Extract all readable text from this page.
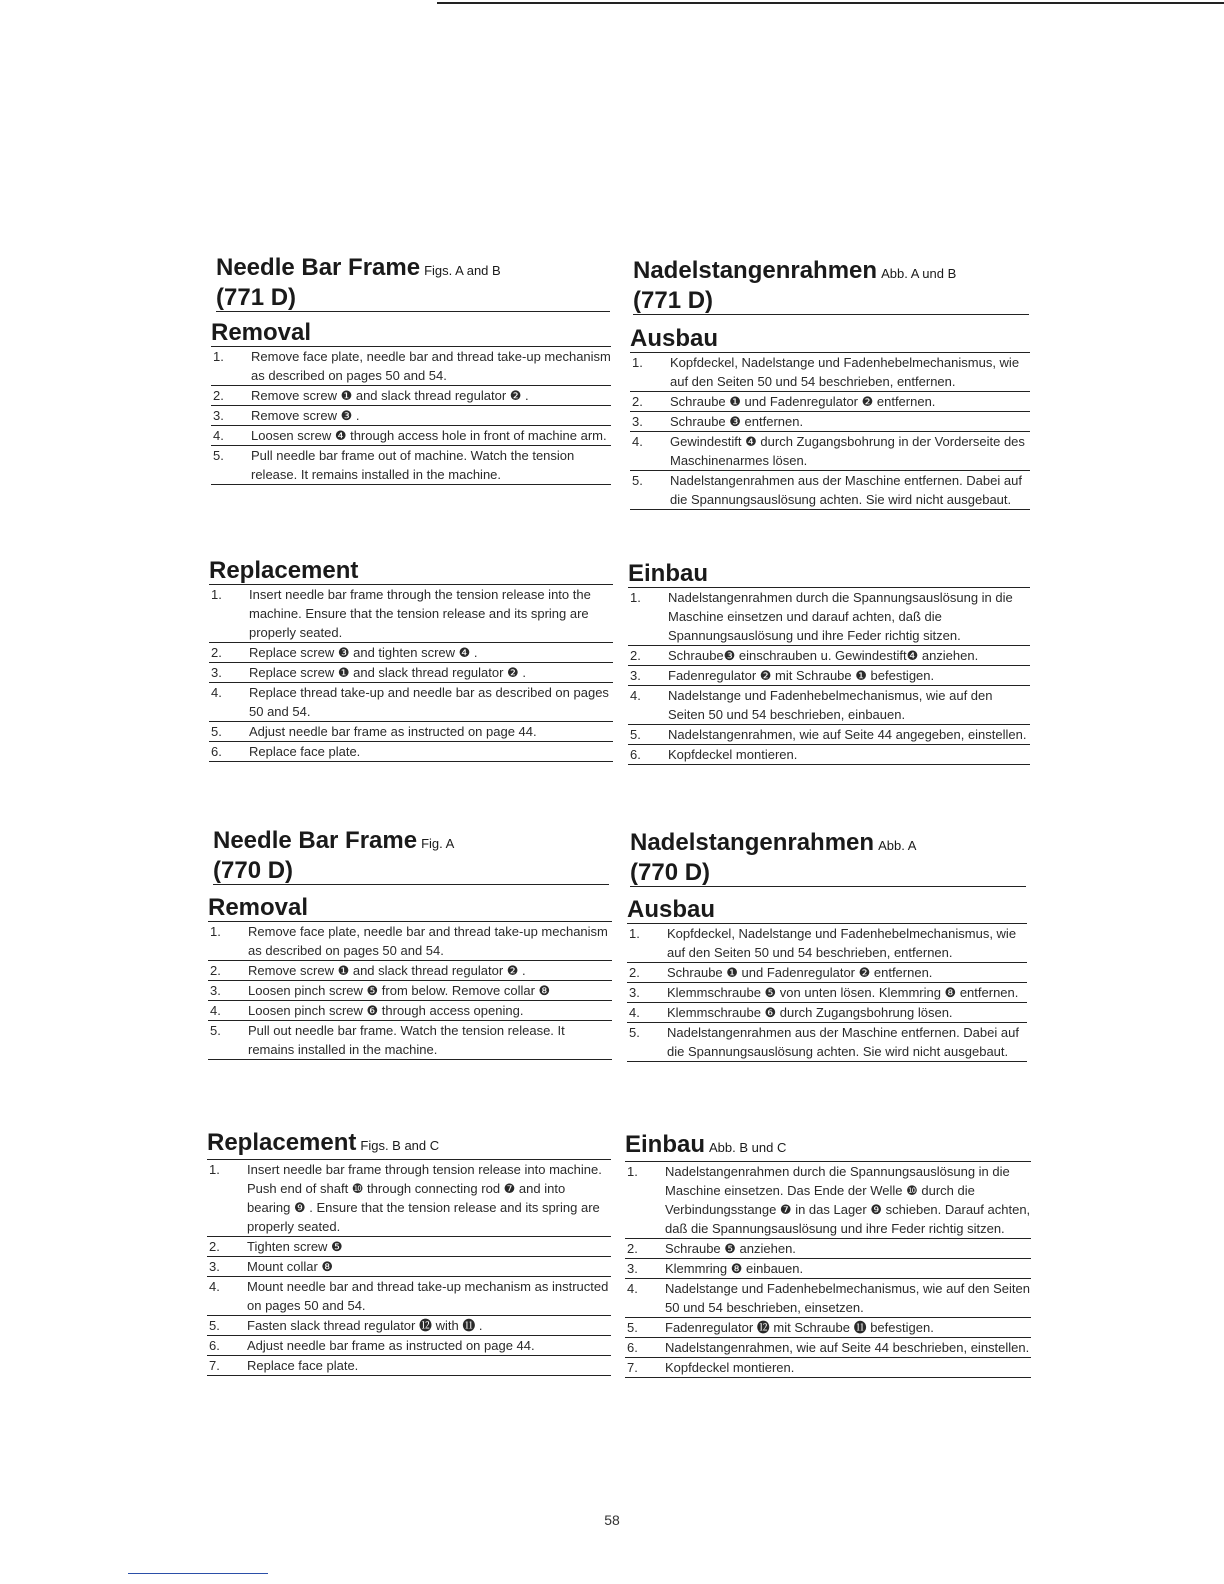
Needle Bar Frame Figs. A and B
(771 D)
Removal
1. Remove face plate, needle bar and thread take-up mechanism as described on pages 50 and 54.
2. Remove screw ❶ and slack thread regulator ❷ .
3. Remove screw ❸ .
4. Loosen screw ❹ through access hole in front of machine arm.
5. Pull needle bar frame out of machine. Watch the tension release. It remains installed in the machine.
Replacement
1. Insert needle bar frame through the tension release into the machine. Ensure that the tension release and its spring are properly seated.
2. Replace screw ❸ and tighten screw ❹ .
3. Replace screw ❶ and slack thread regulator ❷ .
4. Replace thread take-up and needle bar as described on pages 50 and 54.
5. Adjust needle bar frame as instructed on page 44.
6. Replace face plate.
Nadelstangenrahmen Abb. A und B
(771 D)
Ausbau
1. Kopfdeckel, Nadelstange und Fadenhebelmechanismus, wie auf den Seiten 50 und 54 beschrieben, entfernen.
2. Schraube ❶ und Fadenregulator ❷ entfernen.
3. Schraube ❸ entfernen.
4. Gewindestift ❹ durch Zugangsbohrung in der Vorderseite des Maschinenarmes lösen.
5. Nadelstangenrahmen aus der Maschine entfernen. Dabei auf die Spannungsauslösung achten. Sie wird nicht ausgebaut.
Einbau
1. Nadelstangenrahmen durch die Spannungsauslösung in die Maschine einsetzen und darauf achten, daß die Spannungsauslösung und ihre Feder richtig sitzen.
2. Schraube❸ einschrauben u. Gewindestift❹ anziehen.
3. Fadenregulator ❷ mit Schraube ❶ befestigen.
4. Nadelstange und Fadenhebelmechanismus, wie auf den Seiten 50 und 54 beschrieben, einbauen.
5. Nadelstangenrahmen, wie auf Seite 44 angegeben, einstellen.
6. Kopfdeckel montieren.
Needle Bar Frame Fig. A
(770 D)
Removal
1. Remove face plate, needle bar and thread take-up mechanism as described on pages 50 and 54.
2. Remove screw ❶ and slack thread regulator ❷ .
3. Loosen pinch screw ❺ from below. Remove collar ❽
4. Loosen pinch screw ❻ through access opening.
5. Pull out needle bar frame. Watch the tension release. It remains installed in the machine.
Replacement Figs. B and C
1. Insert needle bar frame through tension release into machine. Push end of shaft ❿ through connecting rod ❼ and into bearing ❾ . Ensure that the tension release and its spring are properly seated.
2. Tighten screw ❺
3. Mount collar ❽
4. Mount needle bar and thread take-up mechanism as instructed on pages 50 and 54.
5. Fasten slack thread regulator ⓬ with ⓫ .
6. Adjust needle bar frame as instructed on page 44.
7. Replace face plate.
Nadelstangenrahmen Abb. A
(770 D)
Ausbau
1. Kopfdeckel, Nadelstange und Fadenhebelmechanismus, wie auf den Seiten 50 und 54 beschrieben, entfernen.
2. Schraube ❶ und Fadenregulator ❷ entfernen.
3. Klemmschraube ❺ von unten lösen. Klemmring ❽ entfernen.
4. Klemmschraube ❻ durch Zugangsbohrung lösen.
5. Nadelstangenrahmen aus der Maschine entfernen. Dabei auf die Spannungsauslösung achten. Sie wird nicht ausgebaut.
Einbau Abb. B und C
1. Nadelstangenrahmen durch die Spannungsauslösung in die Maschine einsetzen. Das Ende der Welle ❿ durch die Verbindungsstange ❼ in das Lager ❾ schieben. Darauf achten, daß die Spannungsauslösung und ihre Feder richtig sitzen.
2. Schraube ❺ anziehen.
3. Klemmring ❽ einbauen.
4. Nadelstange und Fadenhebelmechanismus, wie auf den Seiten 50 und 54 beschrieben, einsetzen.
5. Fadenregulator ⓬ mit Schraube ⓫ befestigen.
6. Nadelstangenrahmen, wie auf Seite 44 beschrieben, einstellen.
7. Kopfdeckel montieren.
58
